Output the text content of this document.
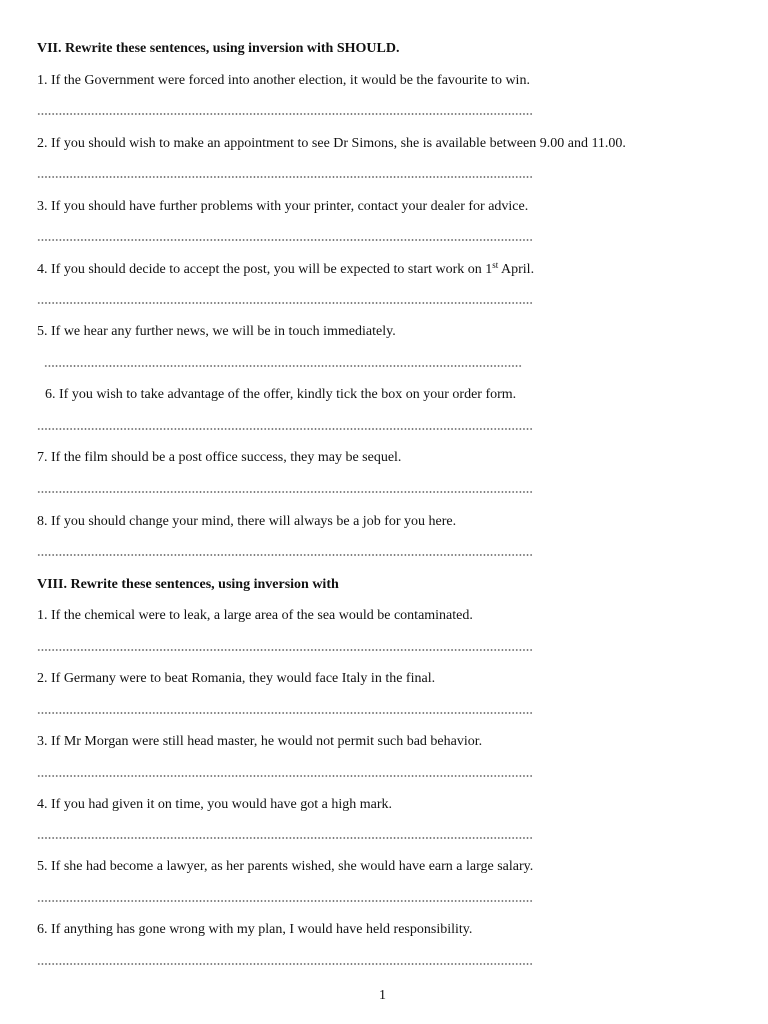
VII. Rewrite these sentences, using inversion with SHOULD.
1. If the Government were forced into another election, it would be the favourite to win.
2. If you should wish to make an appointment to see Dr Simons, she is available between 9.00 and 11.00.
3. If you should have further problems with your printer, contact your dealer for advice.
4. If you should decide to accept the post, you will be expected to start work on 1st April.
5. If we hear any further news, we will be in touch immediately.
6. If you wish to take advantage of the offer, kindly tick the box on your order form.
7. If the film should be a post office success, they may be sequel.
8. If you should change your mind, there will always be a job for you here.
VIII. Rewrite these sentences, using inversion with
1. If the chemical were to leak, a large area of the sea would be contaminated.
2. If Germany were to beat Romania, they would face Italy in the final.
3. If Mr Morgan were still head master, he would not permit such bad behavior.
4. If you had given it on time, you would have got a high mark.
5. If she had become a lawyer, as her parents wished, she would have earn a large salary.
6. If anything has gone wrong with my plan, I would have held responsibility.
1
